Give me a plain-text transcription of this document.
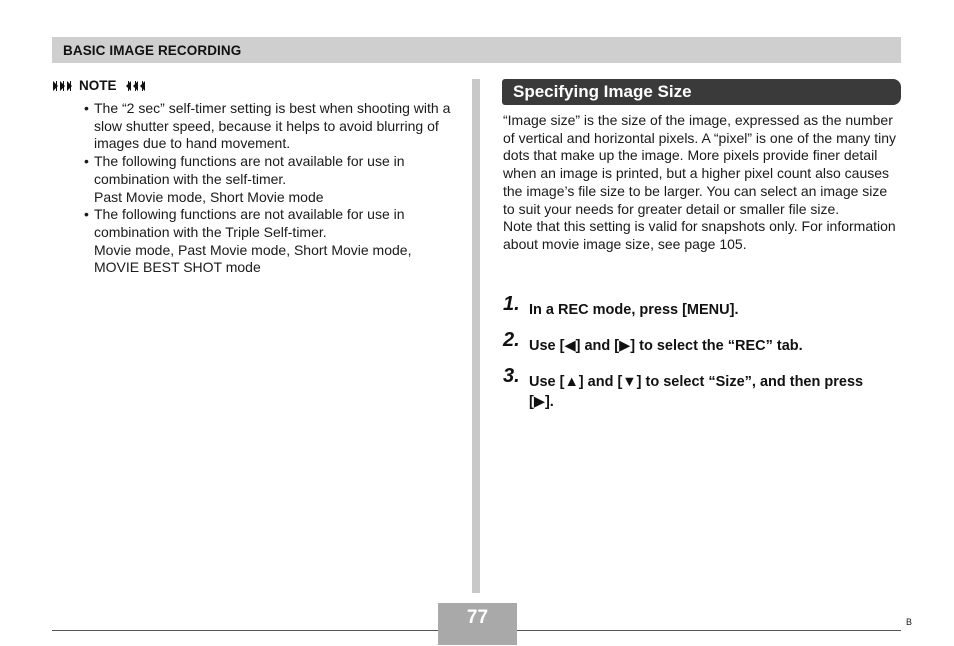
BASIC IMAGE RECORDING
NOTE
• The “2 sec” self-timer setting is best when shooting with a slow shutter speed, because it helps to avoid blurring of images due to hand movement.
• The following functions are not available for use in combination with the self-timer.
Past Movie mode, Short Movie mode
• The following functions are not available for use in combination with the Triple Self-timer.
Movie mode, Past Movie mode, Short Movie mode, MOVIE BEST SHOT mode
Specifying Image Size

“Image size” is the size of the image, expressed as the number of vertical and horizontal pixels. A “pixel” is one of the many tiny dots that make up the image. More pixels provide finer detail when an image is printed, but a higher pixel count also causes the image’s file size to be larger. You can select an image size to suit your needs for greater detail or smaller file size.

Note that this setting is valid for snapshots only. For information about movie image size, see page 105.

1. In a REC mode, press [MENU].
2. Use [◀] and [▶] to select the “REC” tab.
3. Use [▲] and [▼] to select “Size”, and then press [▶].
77	B
